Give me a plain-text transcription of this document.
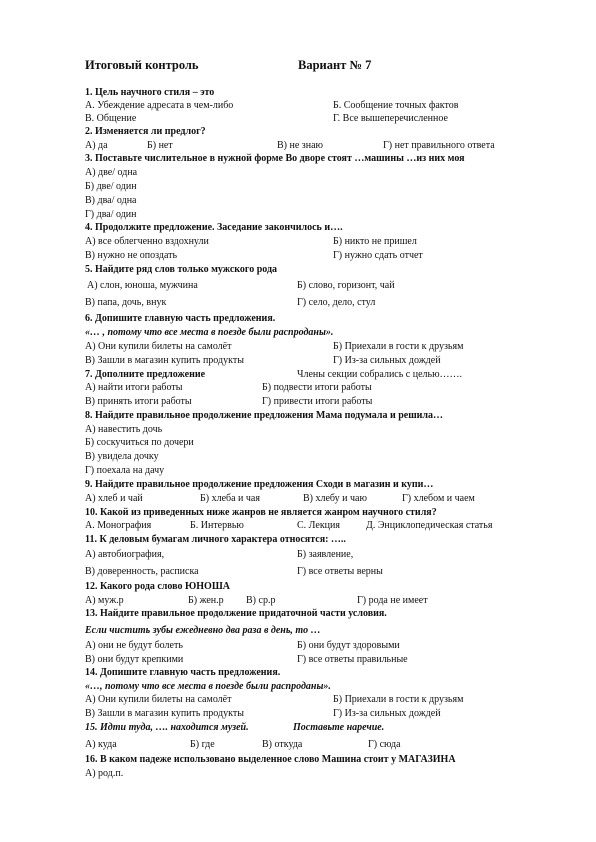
Итоговый контроль	Вариант № 7
1. Цель научного стиля – это
А. Убеждение адресата в чем-либо	Б. Сообщение точных фактов
В. Общение	Г. Все вышеперечисленное
2. Изменяется ли предлог?
А) да	Б) нет	В) не знаю	Г) нет правильного ответа
3. Поставьте числительное в нужной форме Во дворе стоят …машины …из них моя
А) две/ одна
Б) две/ один
В) два/ одна
Г) два/ один
4. Продолжите предложение. Заседание закончилось и….
А) все облегченно вздохнули	Б) никто не пришел
В) нужно не опоздать	Г) нужно сдать отчет
5. Найдите ряд слов только мужского рода
А) слон, юноша, мужчина	Б) слово, горизонт, чай
В) папа, дочь, внук	Г) село, дело, стул
6. Допишите главную часть предложения.
«… , потому что все места в поезде были распроданы».
А) Они купили билеты на самолёт	Б) Приехали в гости к друзьям
В) Зашли в магазин купить продукты	Г) Из-за сильных дождей
7. Дополните предложение	Члены секции собрались с целью…….
А) найти итоги работы	Б) подвести итоги работы
В) принять итоги работы	Г) привести итоги работы
8. Найдите правильное продолжение предложения Мама подумала и решила…
А) навестить дочь
Б) соскучиться по дочери
В) увидела дочку
Г) поехала на дачу
9. Найдите правильное продолжение предложения Сходи в магазин и купи…
А) хлеб и чай	Б) хлеба и чая	В) хлебу и чаю	Г) хлебом и чаем
10. Какой из приведенных ниже жанров не является жанром научного стиля?
А. Монография	Б. Интервью	С. Лекция	Д. Энциклопедическая статья
11. К деловым бумагам личного характера относятся: …..
А) автобиография,	Б) заявление,
В) доверенность, расписка	Г) все ответы верны
12. Какого рода слово ЮНОША
А) муж.р	Б) жен.р В) ср.р	Г) рода не имеет
13. Найдите правильное продолжение придаточной части условия.
Если чистить зубы ежедневно два раза в день, то …
А) они не будут болеть	Б) они будут здоровыми
В) они будут крепкими	Г) все ответы правильные
14. Допишите главную часть предложения.
«…, потому что все места в поезде были распроданы».
А) Они купили билеты на самолёт	Б) Приехали в гости к друзьям
В) Зашли в магазин купить продукты	Г) Из-за сильных дождей
15. Идти туда, …. находится музей.	Поставьте наречие.
А) куда	Б) где	В) откуда	Г) сюда
16. В каком падеже использовано выделенное слово Машина стоит у МАГАЗИНА
А) род.п.
